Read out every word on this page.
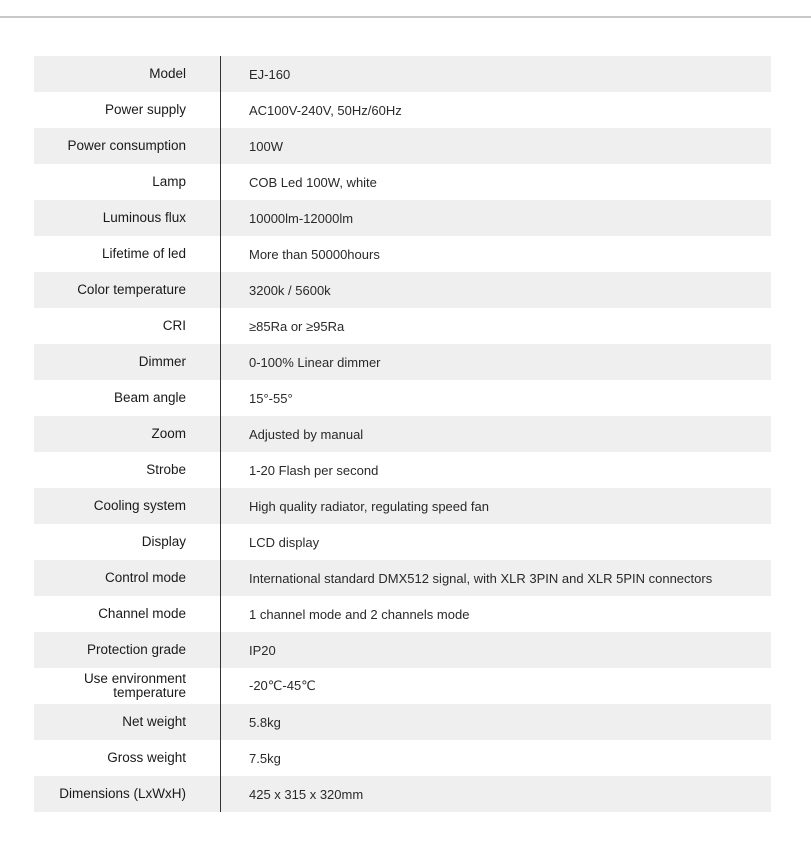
Model	EJ-160
Power supply	AC100V-240V, 50Hz/60Hz
Power consumption	100W
Lamp	COB Led 100W, white
Luminous flux	10000lm-12000lm
Lifetime of led	More than 50000hours
Color temperature	3200k / 5600k
CRI	≥85Ra or ≥95Ra
Dimmer	0-100% Linear dimmer
Beam angle	15°-55°
Zoom	Adjusted by manual
Strobe	1-20 Flash per second
Cooling system	High quality radiator, regulating speed fan
Display	LCD display
Control mode	International standard DMX512 signal, with XLR 3PIN and XLR 5PIN connectors
Channel mode	1 channel mode and 2 channels mode
Protection grade	IP20
Use environment temperature	-20℃-45℃
Net weight	5.8kg
Gross weight	7.5kg
Dimensions (LxWxH)	425 x 315 x 320mm
